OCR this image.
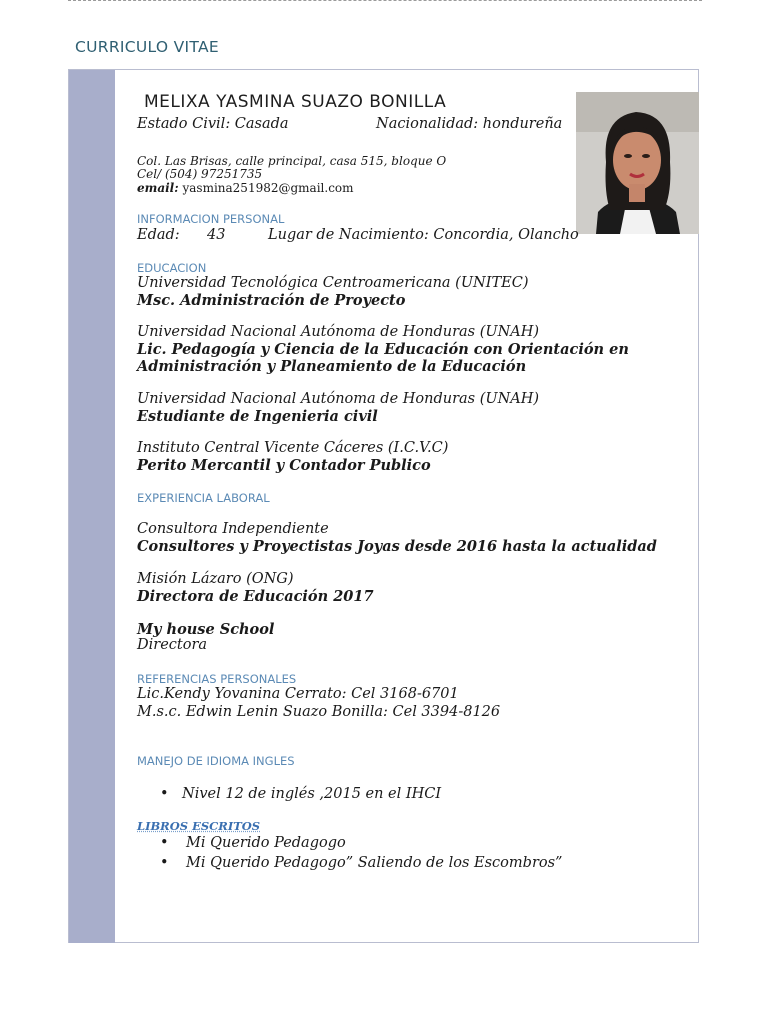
CURRICULO VITAE
MELIXA YASMINA SUAZO BONILLA
Estado Civil: Casada	Nacionalidad: hondureña
Col. Las Brisas, calle principal, casa 515, bloque O
Cel/ (504) 97251735
email: yasmina251982@gmail.com
INFORMACION PERSONAL
Edad: 43	Lugar de Nacimiento: Concordia, Olancho
EDUCACION
Universidad Tecnológica Centroamericana (UNITEC)
Msc. Administración de Proyecto
Universidad Nacional Autónoma de Honduras (UNAH)
Lic. Pedagogía y Ciencia de la Educación con Orientación en
Administración y Planeamiento de la Educación
Universidad Nacional Autónoma de Honduras (UNAH)
Estudiante de Ingenieria civil
Instituto Central Vicente Cáceres (I.C.V.C)
Perito Mercantil y Contador Publico
EXPERIENCIA LABORAL
Consultora Independiente
Consultores y Proyectistas Joyas desde 2016 hasta la actualidad
Misión Lázaro (ONG)
Directora de Educación 2017
My house School
Directora
REFERENCIAS PERSONALES
Lic.Kendy Yovanina Cerrato: Cel 3168-6701
M.s.c. Edwin Lenin Suazo Bonilla: Cel 3394-8126
MANEJO DE IDIOMA INGLES
• Nivel 12 de inglés ,2015 en el IHCI
LIBROS ESCRITOS
• Mi Querido Pedagogo
• Mi Querido Pedagogo” Saliendo de los Escombros”
